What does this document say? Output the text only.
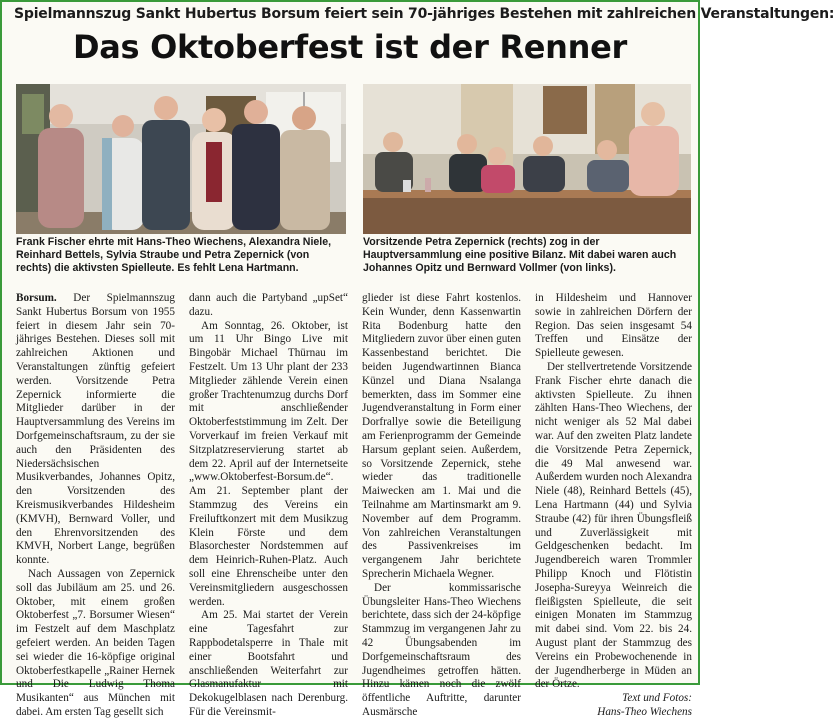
Spielmannszug Sankt Hubertus Borsum feiert sein 70-jähriges Bestehen mit zahlreichen Veranstaltungen:
Das Oktoberfest ist der Renner
Frank Fischer ehrte mit Hans-Theo Wiechens, Alexandra Niele, Reinhard Bettels, Sylvia Straube und Petra Zepernick (von rechts) die aktivsten Spielleute. Es fehlt Lena Hartmann.
Vorsitzende Petra Zepernick (rechts) zog in der Hauptversammlung eine positive Bilanz. Mit dabei waren auch Johannes Opitz und Bernward Vollmer (von links).

Borsum. Der Spielmannszug Sankt Hubertus Borsum von 1955 feiert in diesem Jahr sein 70-jähriges Bestehen. Dieses soll mit zahlreichen Aktionen und Veranstaltungen zünftig gefeiert werden. Vorsitzende Petra Zepernick informierte die Mitglieder darüber in der Hauptversammlung des Vereins im Dorfgemeinschaftsraum, zu der sie auch den Präsidenten des Niedersächsischen Musikverbandes, Johannes Opitz, den Vorsitzenden des Kreismusikverbandes Hildesheim (KMVH), Bernward Voller, und den Ehrenvorsitzenden des KMVH, Norbert Lange, begrüßen konnte.

Nach Aussagen von Zepernick soll das Jubiläum am 25. und 26. Oktober, mit einem großen Oktoberfest „7. Borsumer Wiesen“ im Festzelt auf dem Maschplatz gefeiert werden. An beiden Tagen sei wieder die 16-köpfige original Oktoberfestkapelle „Rainer Hernek und Die Ludwig Thoma Musikanten“ aus München mit dabei. Am ersten Tag gesellt sich

dann auch die Partyband „upSet“ dazu.

Am Sonntag, 26. Oktober, ist um 11 Uhr Bingo Live mit Bingobär Michael Thürnau im Festzelt. Um 13 Uhr plant der 233 Mitglieder zählende Verein einen großer Trachtenumzug durchs Dorf mit anschließender Oktoberfeststimmung im Zelt. Der Vorverkauf im freien Verkauf mit Sitzplatzreservierung startet ab dem 22. April auf der Internetseite „www.Oktoberfest-Borsum.de“. Am 21. September plant der Stammzug des Vereins ein Freiluftkonzert mit dem Musikzug Klein Förste und dem Blasorchester Nordstemmen auf dem Heinrich-Ruhen-Platz. Auch soll eine Ehrenscheibe unter den Vereinsmitgliedern ausgeschossen werden.

Am 25. Mai startet der Verein eine Tagesfahrt zur Rappbodetalsperre in Thale mit einer Bootsfahrt und anschließenden Weiterfahrt zur Glasmanufaktur mit Dekokugelblasen nach Derenburg. Für die Vereinsmit-

glieder ist diese Fahrt kostenlos. Kein Wunder, denn Kassenwartin Rita Bodenburg hatte den Mitgliedern zuvor über einen guten Kassenbestand berichtet. Die beiden Jugendwartinnen Bianca Künzel und Diana Nsalanga bemerkten, dass im Sommer eine Jugendveranstaltung in Form einer Dorfrallye sowie die Beteiligung am Ferienprogramm der Gemeinde Harsum geplant seien. Außerdem, so Vorsitzende Zepernick, stehe wieder das traditionelle Maiwecken am 1. Mai und die Teilnahme am Martinsmarkt am 9. November auf dem Programm. Von zahlreichen Veranstaltungen des Passivenkreises im vergangenem Jahr berichtete Sprecherin Michaela Wegner.

Der kommissarische Übungsleiter Hans-Theo Wiechens berichtete, dass sich der 24-köpfige Stammzug im vergangenen Jahr zu 42 Übungsabenden im Dorfgemeinschaftsraum des Jugendheimes getroffen hätten. Hinzu kämen noch die zwölf öffentliche Auftritte, darunter Ausmärsche

in Hildesheim und Hannover sowie in zahlreichen Dörfern der Region. Das seien insgesamt 54 Treffen und Einsätze der Spielleute gewesen.

Der stellvertretende Vorsitzende Frank Fischer ehrte danach die aktivsten Spielleute. Zu ihnen zählten Hans-Theo Wiechens, der nicht weniger als 52 Mal dabei war. Auf den zweiten Platz landete die Vorsitzende Petra Zepernick, die 49 Mal anwesend war. Außerdem wurden noch Alexandra Niele (48), Reinhard Bettels (45), Lena Hartmann (44) und Sylvia Straube (42) für ihren Übungsfleiß und Zuverlässigkeit mit Geldgeschenken bedacht. Im Jugendbereich waren Trommler Philipp Knoch und Flötistin Josepha-Sureyya Weinreich die fleißigsten Spielleute, die seit einigen Monaten im Stammzug mit dabei sind. Vom 22. bis 24. August plant der Stammzug des Vereins ein Probewochenende in der Jugendherberge in Müden an der Örtze.

Text und Fotos:
Hans-Theo Wiechens
